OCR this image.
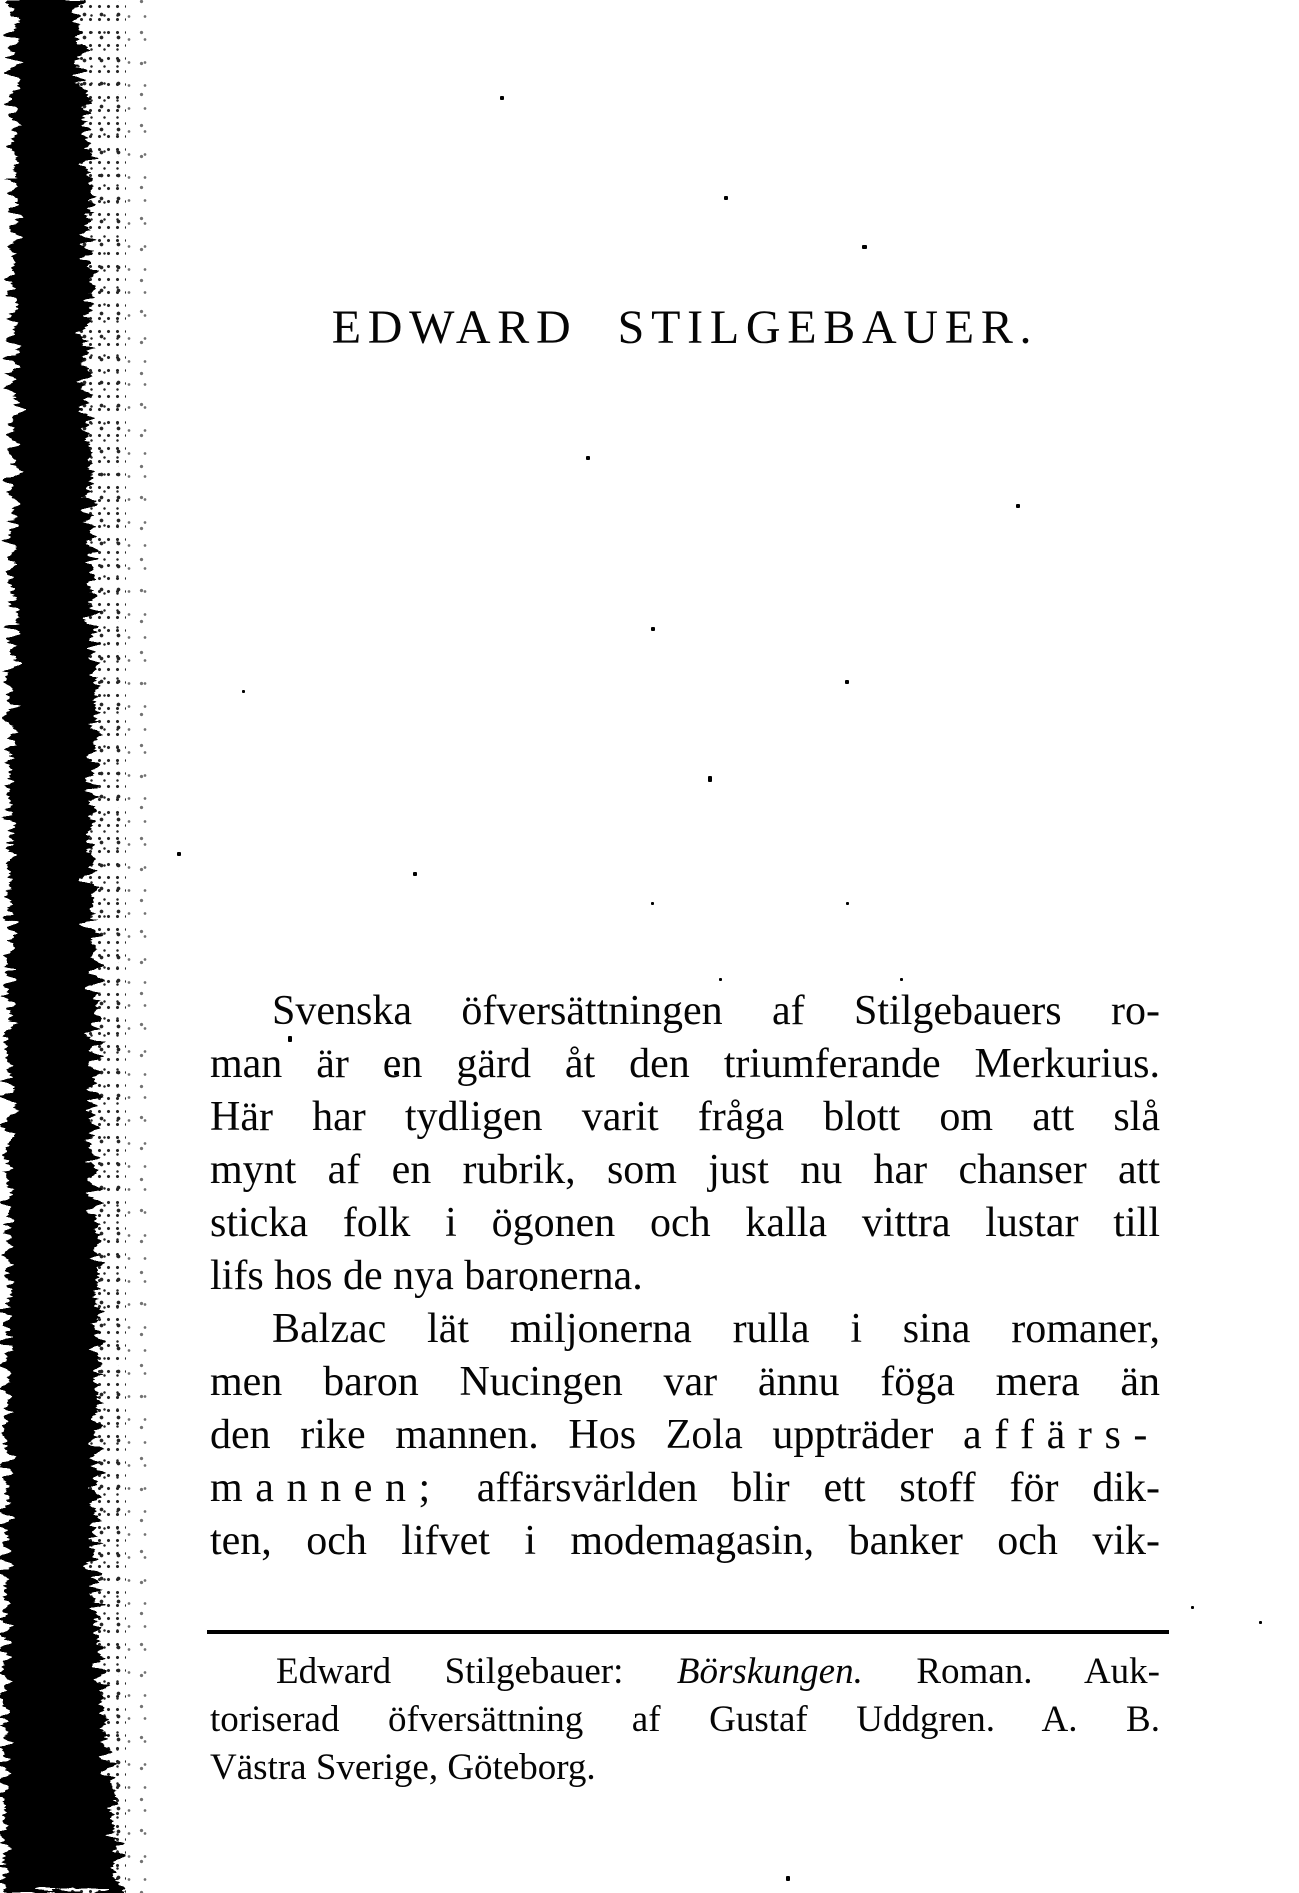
EDWARD STILGEBAUER.
Svenska öfversättningen af Stilgebauers ro-
man är en gärd åt den triumferande Merkurius.
Här har tydligen varit fråga blott om att slå
mynt af en rubrik, som just nu har chanser att
sticka folk i ögonen och kalla vittra lustar till
lifs hos de nya baronerna.
Balzac lät miljonerna rulla i sina romaner,
men baron Nucingen var ännu föga mera än
den rike mannen. Hos Zola uppträder affärs-
mannen; affärsvärlden blir ett stoff för dik-
ten, och lifvet i modemagasin, banker och vik-
Edward Stilgebauer: Börskungen. Roman. Auk-
toriserad öfversättning af Gustaf Uddgren. A. B.
Västra Sverige, Göteborg.
